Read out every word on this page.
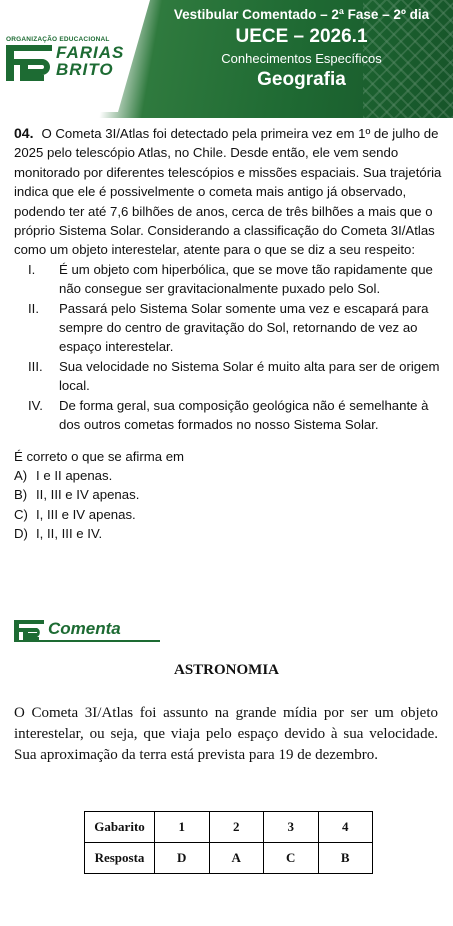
ORGANIZAÇÃO EDUCACIONAL
FARIAS
BRITO
Vestibular Comentado – 2ª Fase – 2º dia
UECE – 2026.1
Conhecimentos Específicos
Geografia

04. O Cometa 3I/Atlas foi detectado pela primeira vez em 1º de julho de 2025 pelo telescópio Atlas, no Chile. Desde então, ele vem sendo monitorado por diferentes telescópios e missões espaciais. Sua trajetória indica que ele é possivelmente o cometa mais antigo já observado, podendo ter até 7,6 bilhões de anos, cerca de três bilhões a mais que o próprio Sistema Solar. Considerando a classificação do Cometa 3I/Atlas como um objeto interestelar, atente para o que se diz a seu respeito:

I.	É um objeto com hiperbólica, que se move tão rapidamente que não consegue ser gravitacionalmente puxado pelo Sol.
II.	Passará pelo Sistema Solar somente uma vez e escapará para sempre do centro de gravitação do Sol, retornando de vez ao espaço interestelar.
III.	Sua velocidade no Sistema Solar é muito alta para ser de origem local.
IV.	De forma geral, sua composição geológica não é semelhante à dos outros cometas formados no nosso Sistema Solar.

É correto o que se afirma em

A) I e II apenas.
B) II, III e IV apenas.
C) I, III e IV apenas.
D) I, II, III e IV.
Comenta
ASTRONOMIA

O Cometa 3I/Atlas foi assunto na grande mídia por ser um objeto interestelar, ou seja, que viaja pelo espaço devido à sua velocidade. Sua aproximação da terra está prevista para 19 de dezembro.

Gabarito	1	2	3	4
Resposta	D	A	C	B
